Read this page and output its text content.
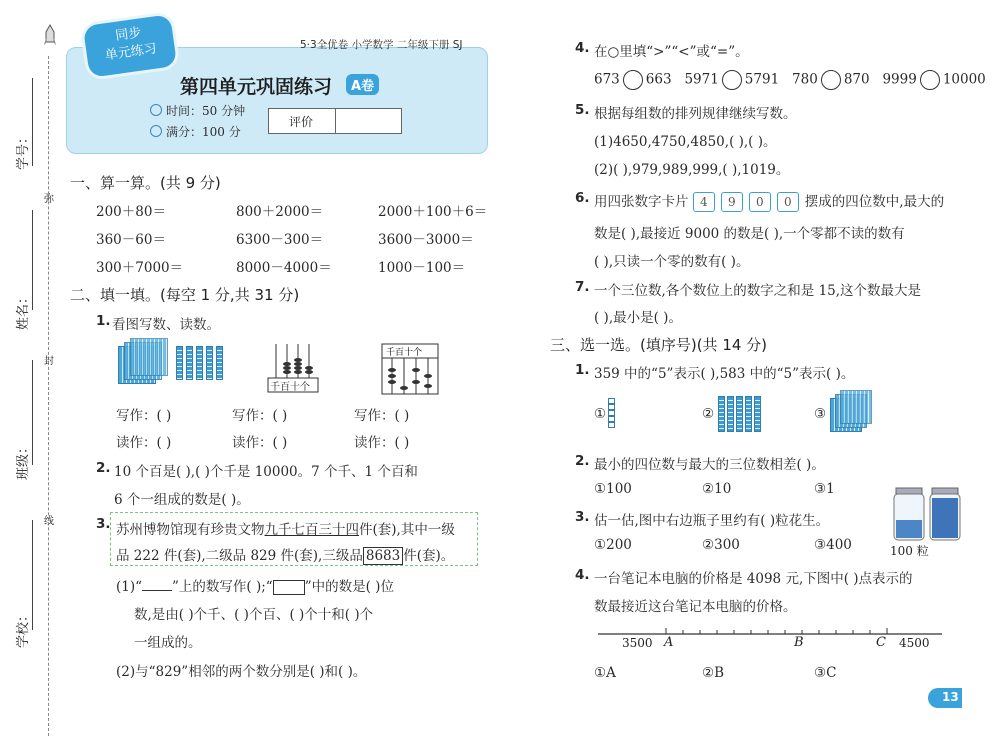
弥
封
线
学号：
姓名：
班级：
学校：
同步
单元练习	5·3全优卷 小学数学 二年级下册 SJ
第四单元巩固练习	A卷
时间：50 分钟
满分：100 分
评价
一、算一算。(共 9 分)
200＋80＝	800＋2000＝	2000＋100＋6＝
360－60＝	6300－300＝	3600－3000＝
300＋7000＝	8000－4000＝	1000－100＝
二、填一填。(每空 1 分,共 31 分)
1. 看图写数、读数。
千百十个
千百十个
写作：( )	写作：( )	写作：( )
读作：( )	读作：( )	读作：( )
2. 10 个百是( ),( )个千是 10000。7 个千、1 个百和
6 个一组成的数是( )。
3. 苏州博物馆现有珍贵文物九千七百三十四件(套),其中一级
品 222 件(套),二级品 829 件(套),三级品 8683 件(套)。
(1)“ ”上的数写作( );“ ”中的数是( )位
数,是由( )个千、( )个百、( )个十和( )个
一组成的。
(2)与“829”相邻的两个数分别是( )和( )。
4. 在○里填“>”“<”或“=”。
673 663 5971 5791 780 870 9999 10000
5. 根据每组数的排列规律继续写数。
(1)4650,4750,4850,( ),( )。
(2)( ),979,989,999,( ),1019。
6. 用四张数字卡片 4 9 0 0 摆成的四位数中,最大的
数是( ),最接近 9000 的数是( ),一个零都不读的数有
( ),只读一个零的数有( )。
7. 一个三位数,各个数位上的数字之和是 15,这个数最大是
( ),最小是( )。
三、选一选。(填序号)(共 14 分)
1. 359 中的“5”表示( ),583 中的“5”表示( )。
①	②	③
2. 最小的四位数与最大的三位数相差( )。
①100	②10	③1
3. 估一估,图中右边瓶子里约有( )粒花生。
①200	②300	③400	100 粒
4. 一台笔记本电脑的价格是 4098 元,下图中( )点表示的
数最接近这台笔记本电脑的价格。
3500 A	B	C 4500
①A	②B	③C
13
